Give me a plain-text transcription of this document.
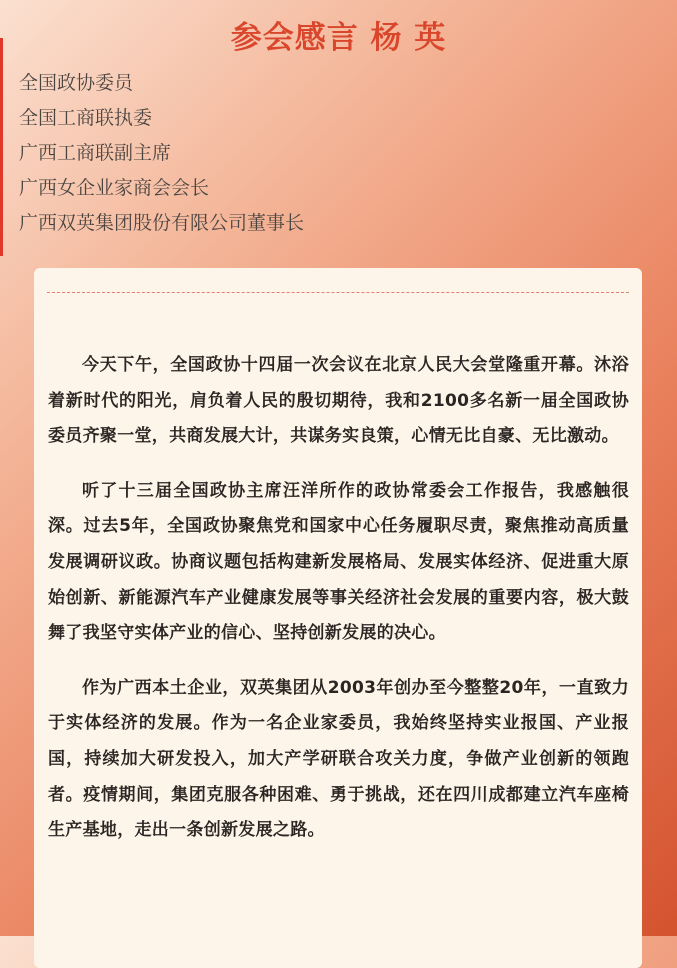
参会感言 杨 英
全国政协委员
全国工商联执委
广西工商联副主席
广西女企业家商会会长
广西双英集团股份有限公司董事长

今天下午，全国政协十四届一次会议在北京人民大会堂隆重开幕。沐浴着新时代的阳光，肩负着人民的殷切期待，我和2100多名新一届全国政协委员齐聚一堂，共商发展大计，共谋务实良策，心情无比自豪、无比激动。

听了十三届全国政协主席汪洋所作的政协常委会工作报告，我感触很深。过去5年，全国政协聚焦党和国家中心任务履职尽责，聚焦推动高质量发展调研议政。协商议题包括构建新发展格局、发展实体经济、促进重大原始创新、新能源汽车产业健康发展等事关经济社会发展的重要内容，极大鼓舞了我坚守实体产业的信心、坚持创新发展的决心。

作为广西本土企业，双英集团从2003年创办至今整整20年，一直致力于实体经济的发展。作为一名企业家委员，我始终坚持实业报国、产业报国，持续加大研发投入，加大产学研联合攻关力度，争做产业创新的领跑者。疫情期间，集团克服各种困难、勇于挑战，还在四川成都建立汽车座椅生产基地，走出一条创新发展之路。
